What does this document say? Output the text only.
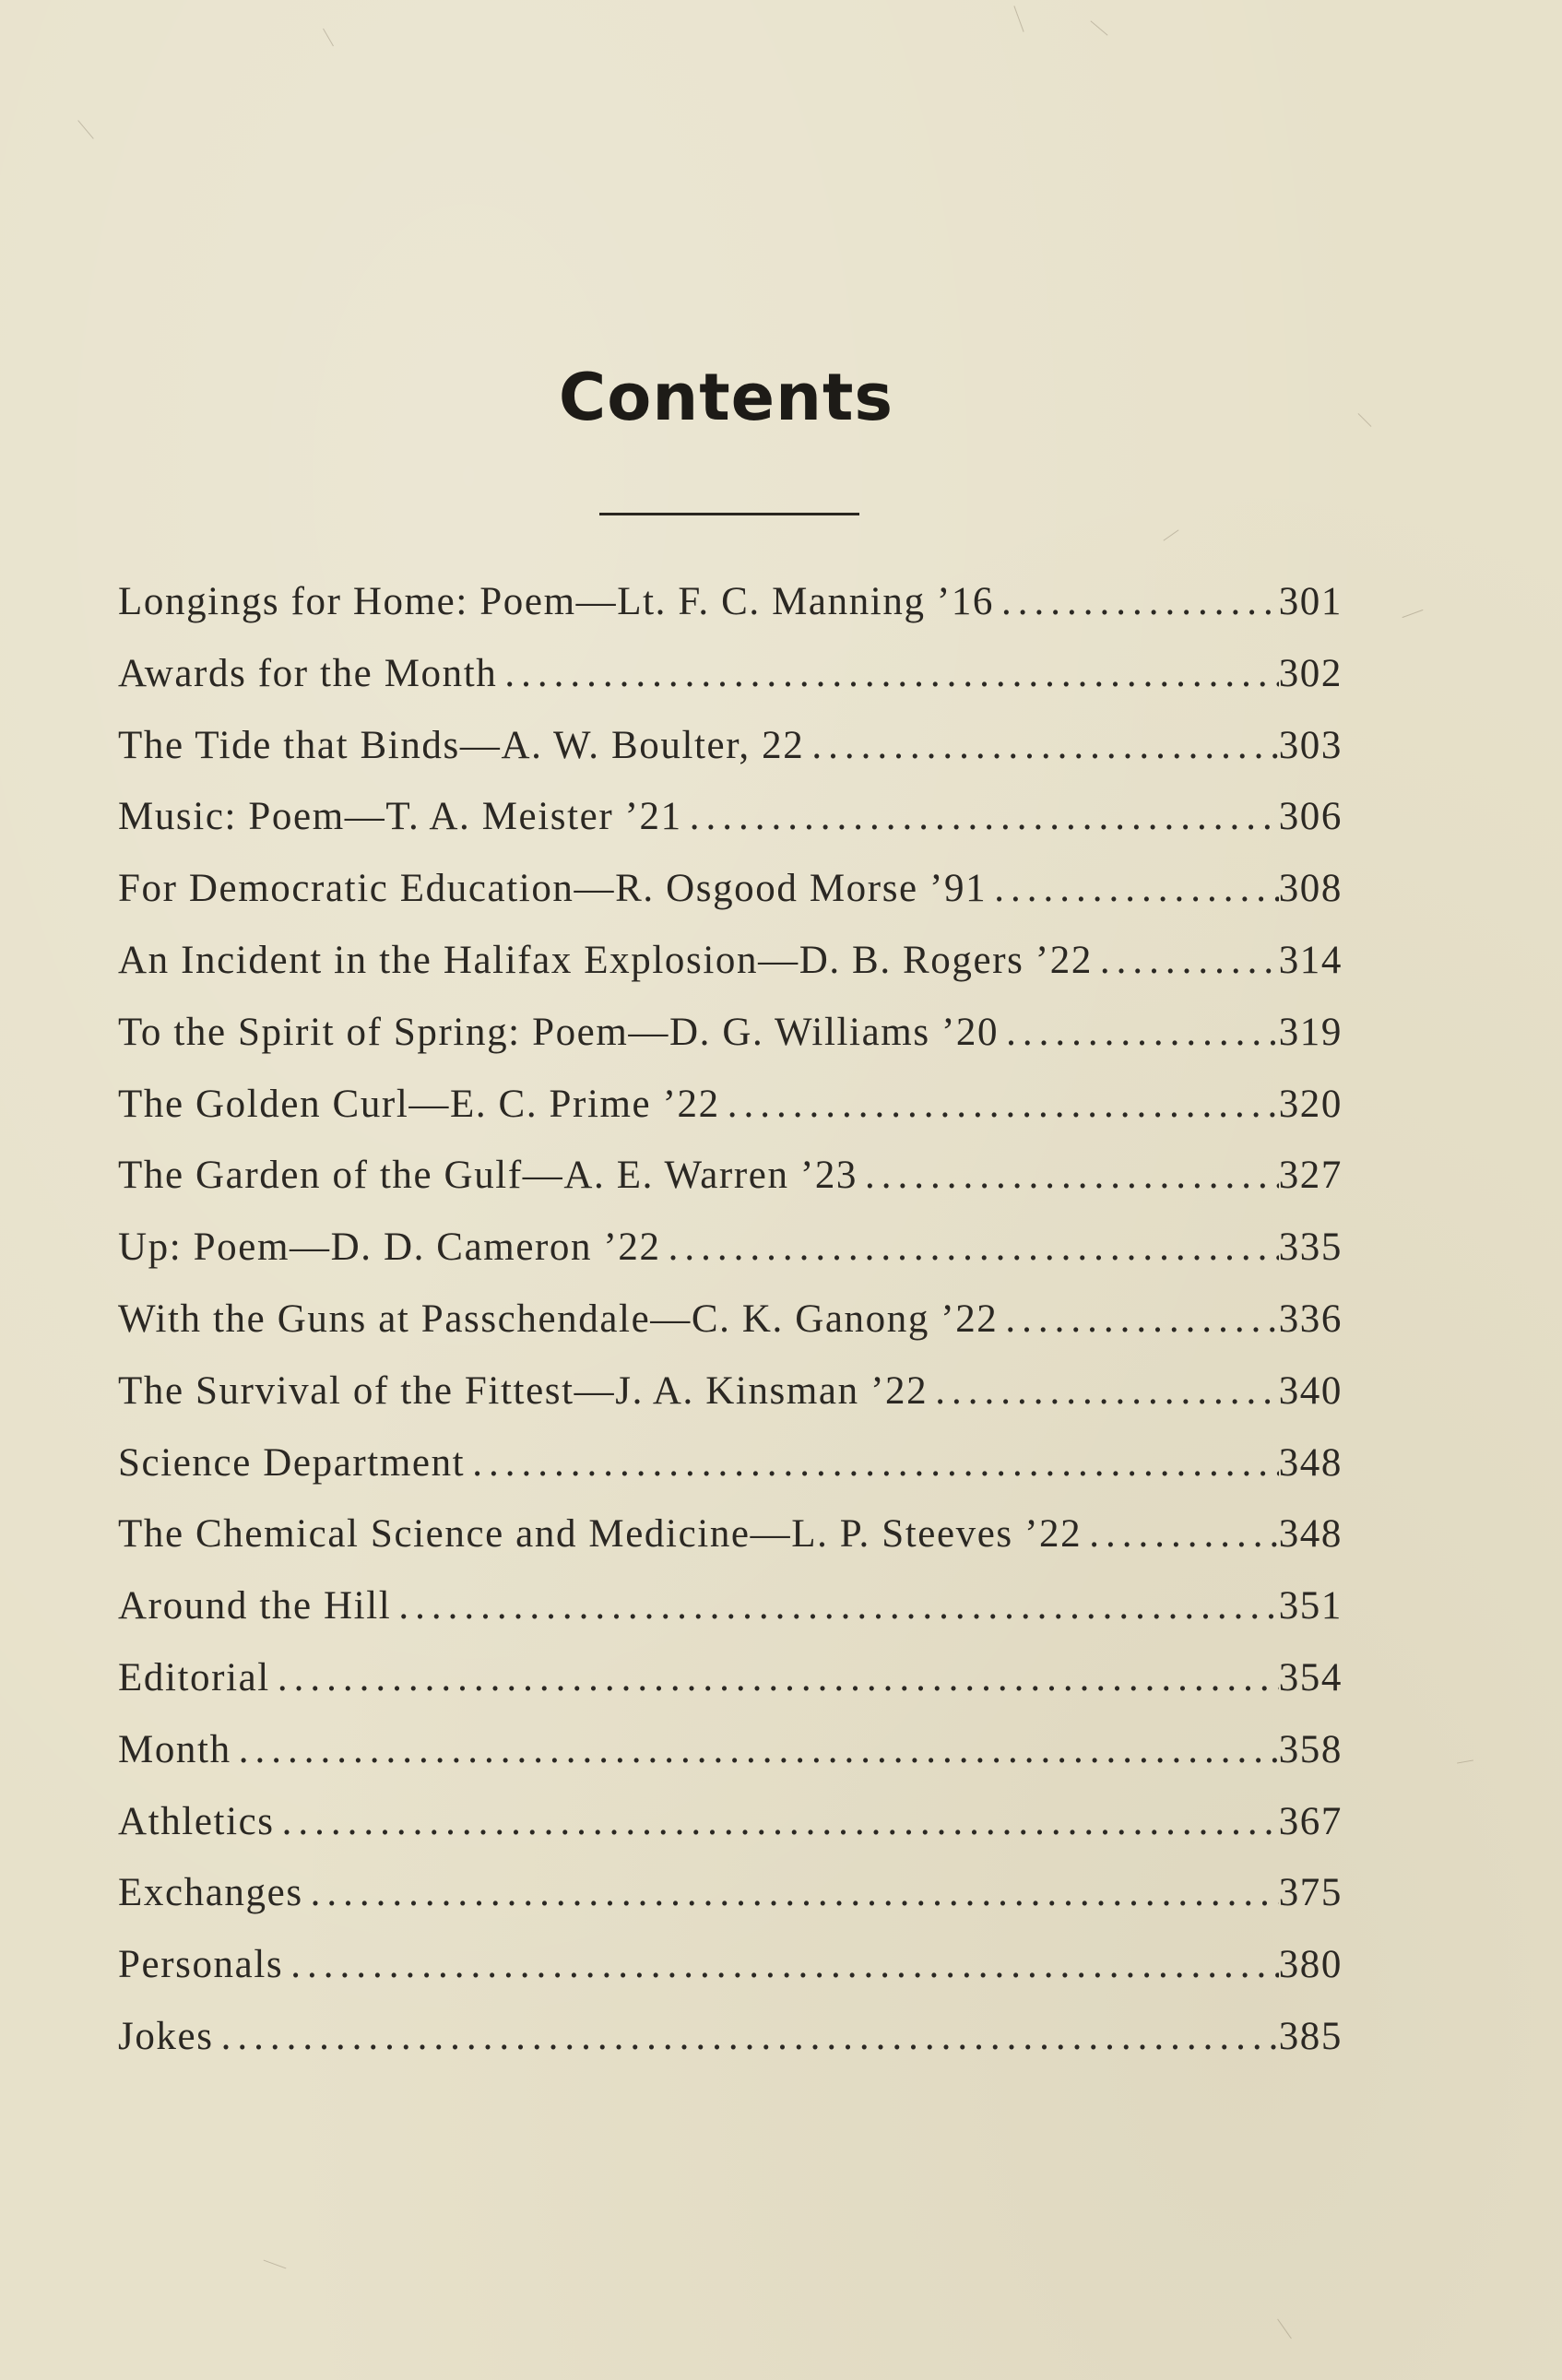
Contents
Longings for Home: Poem—Lt. F. C. Manning ’16 .....	301
Awards for the Month .....	302
The Tide that Binds—A. W. Boulter, 22 .....	303
Music: Poem—T. A. Meister ’21 .....	306
For Democratic Education—R. Osgood Morse ’91 .....	308
An Incident in the Halifax Explosion—D. B. Rogers ’22 .....	314
To the Spirit of Spring: Poem—D. G. Williams ’20 .....	319
The Golden Curl—E. C. Prime ’22 .....	320
The Garden of the Gulf—A. E. Warren ’23 .....	327
Up: Poem—D. D. Cameron ’22 .....	335
With the Guns at Passchendale—C. K. Ganong ’22 .....	336
The Survival of the Fittest—J. A. Kinsman ’22 .....	340
Science Department .....	348
The Chemical Science and Medicine—L. P. Steeves ’22 .....	348
Around the Hill .....	351
Editorial .....	354
Month .....	358
Athletics .....	367
Exchanges .....	375
Personals .....	380
Jokes .....	385
